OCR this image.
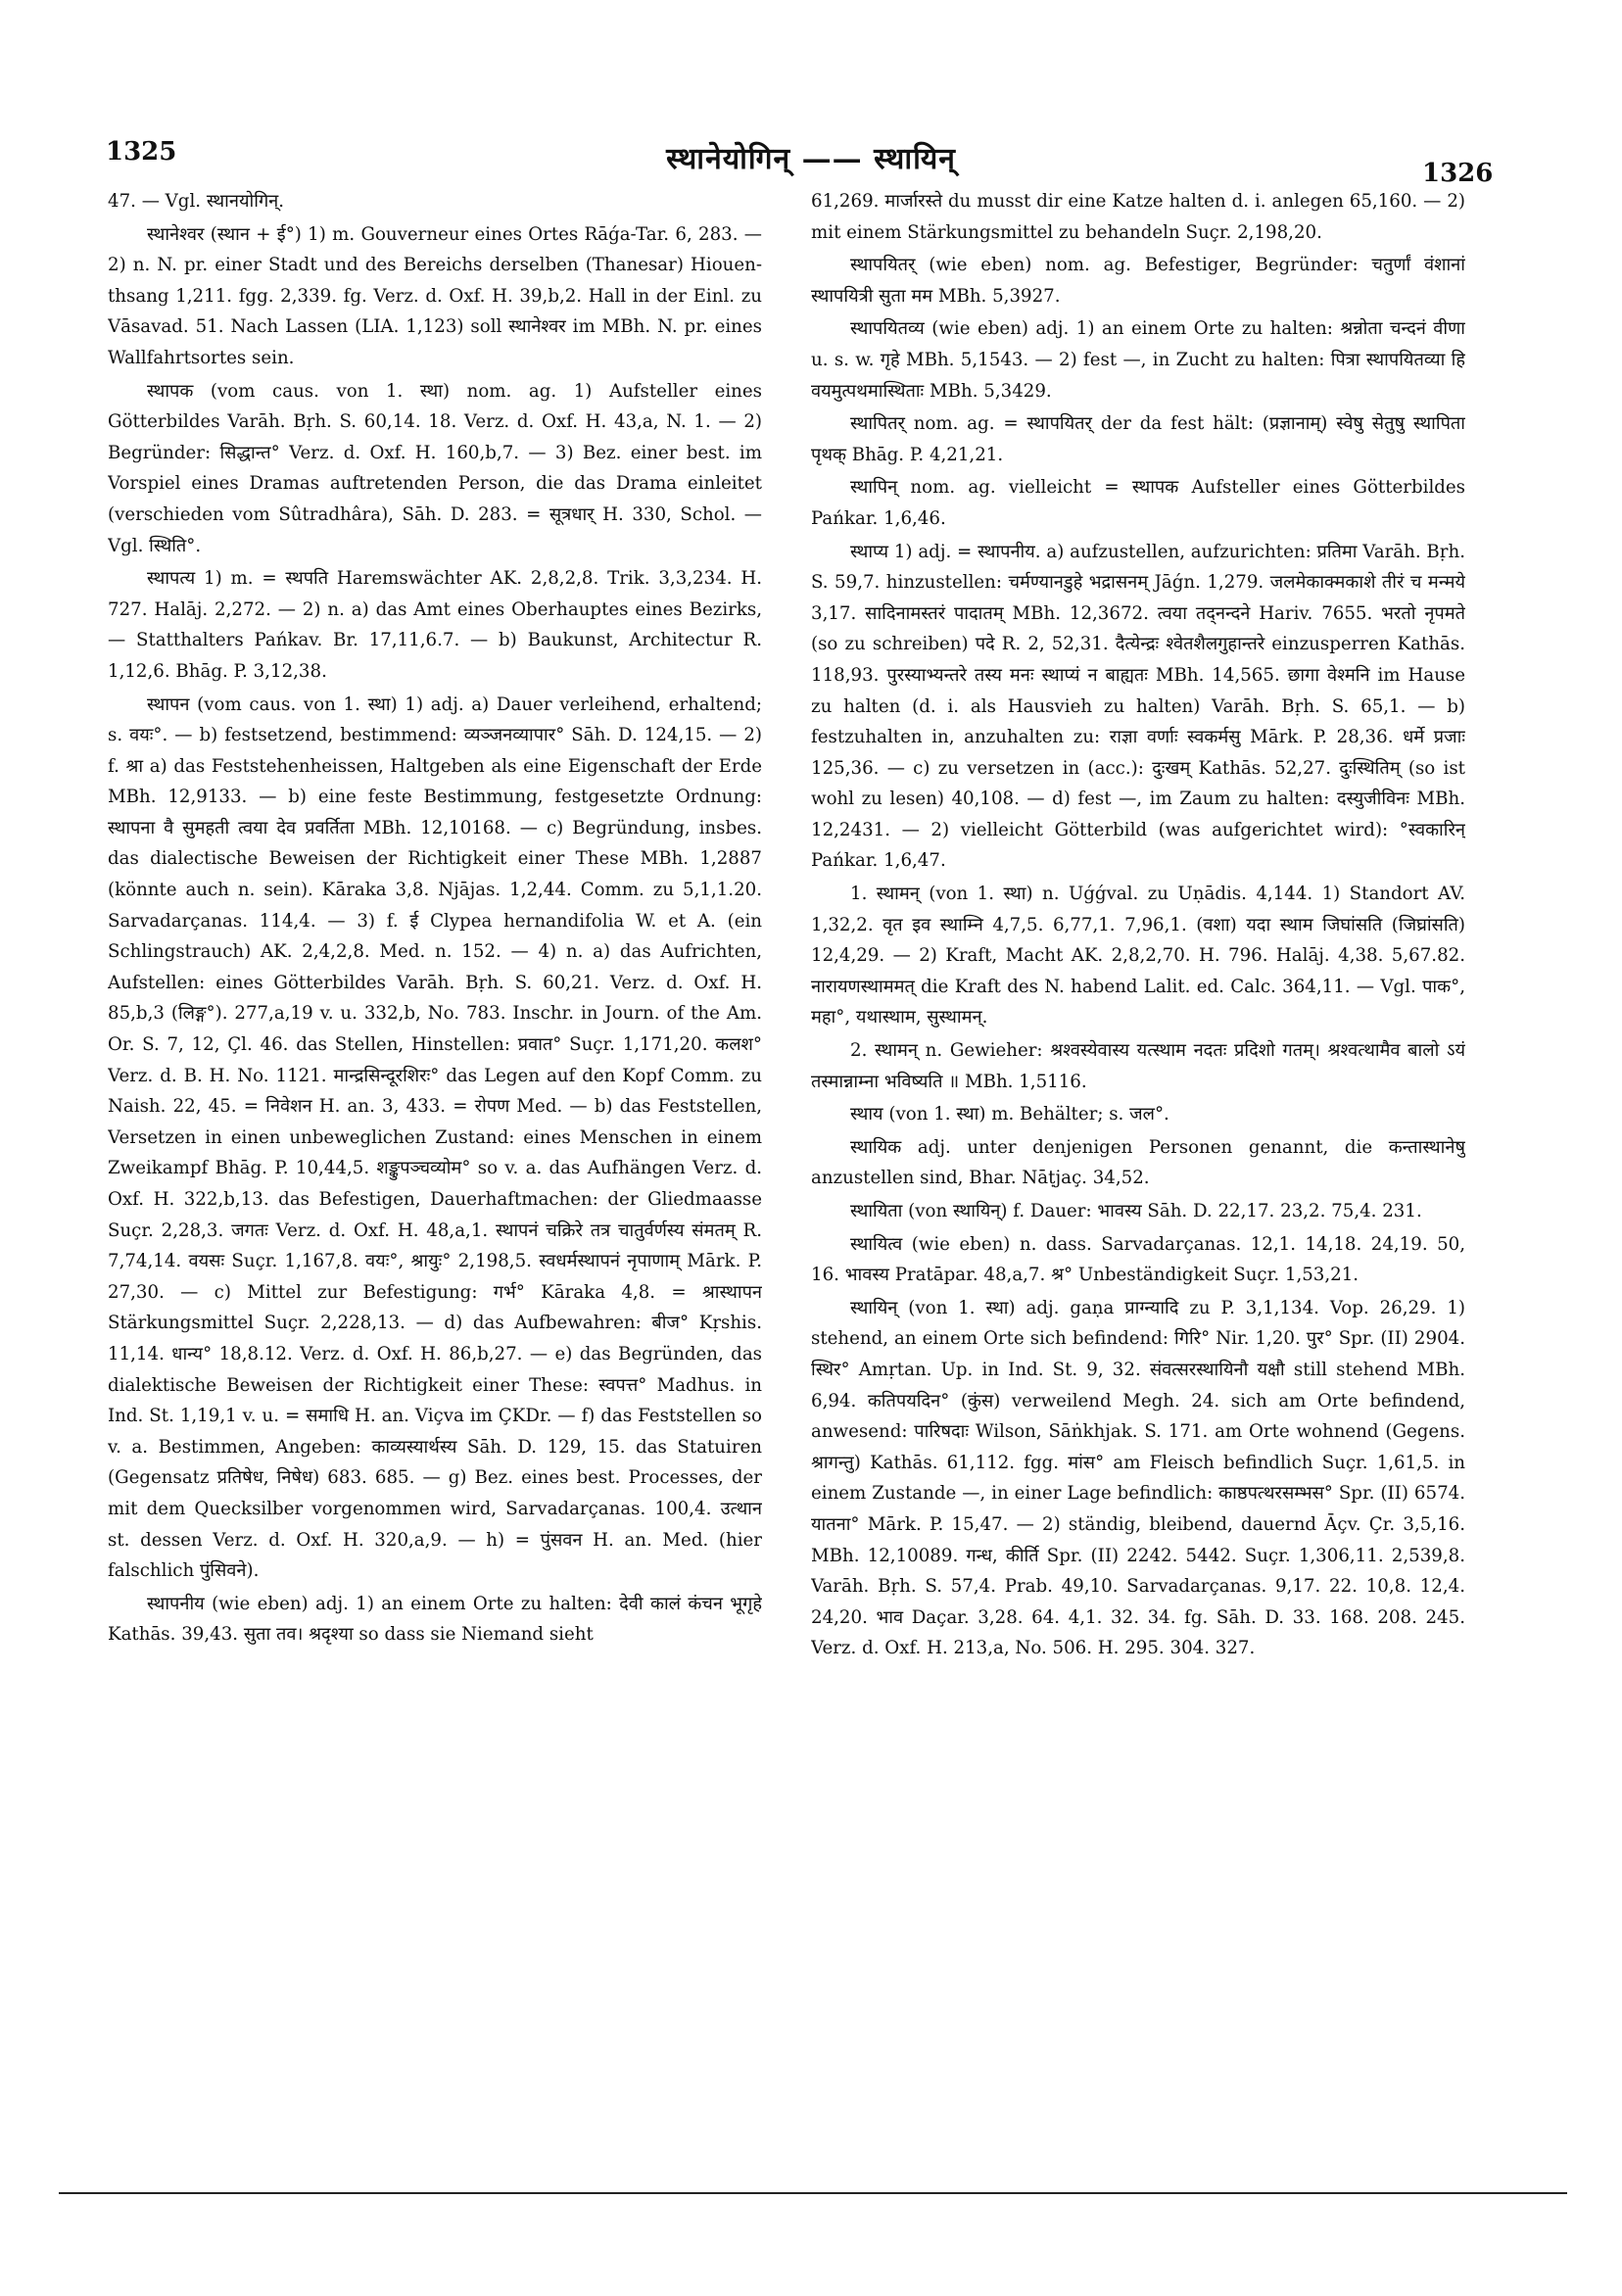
1325	स्थानेयोगिन् —— स्थायिन्	1326

47. — Vgl. स्थानयोगिन्.

स्थानेश्वर (स्थान + ई°) 1) m. Gouverneur eines Ortes Rāǵa-Tar. 6, 283. — 2) n. N. pr. einer Stadt und des Bereichs derselben (Thanesar) Hiouen-thsang 1,211. fgg. 2,339. fg. Verz. d. Oxf. H. 39,b,2. Hall in der Einl. zu Vāsavad. 51. Nach Lassen (LIA. 1,123) soll स्थानेश्वर im MBh. N. pr. eines Wallfahrtsortes sein.

स्थापक (vom caus. von 1. स्था) nom. ag. 1) Aufsteller eines Götterbildes Varāh. Bṛh. S. 60,14. 18. Verz. d. Oxf. H. 43,a, N. 1. — 2) Begründer: सिद्धान्त° Verz. d. Oxf. H. 160,b,7. — 3) Bez. einer best. im Vorspiel eines Dramas auftretenden Person, die das Drama einleitet (verschieden vom Sûtradhâra), Sāh. D. 283. = सूत्रधार् H. 330, Schol. — Vgl. स्थिति°.

स्थापत्य 1) m. = स्थपति Haremswächter AK. 2,8,2,8. Trik. 3,3,234. H. 727. Halāj. 2,272. — 2) n. a) das Amt eines Oberhauptes eines Bezirks, — Statthalters Pańkav. Br. 17,11,6.7. — b) Baukunst, Architectur R. 1,12,6. Bhāg. P. 3,12,38.

स्थापन (vom caus. von 1. स्था) 1) adj. a) Dauer verleihend, erhaltend; s. वयः°. — b) festsetzend, bestimmend: व्यञ्जनव्यापार° Sāh. D. 124,15. — 2) f. श्रा a) das Feststehenheissen, Haltgeben als eine Eigenschaft der Erde MBh. 12,9133. — b) eine feste Bestimmung, festgesetzte Ordnung: स्थापना वै सुमहती त्वया देव प्रवर्तिता MBh. 12,10168. — c) Begründung, insbes. das dialectische Beweisen der Richtigkeit einer These MBh. 1,2887 (könnte auch n. sein). Kāraka 3,8. Njājas. 1,2,44. Comm. zu 5,1,1.20. Sarvadarçanas. 114,4. — 3) f. ई Clypea hernandifolia W. et A. (ein Schlingstrauch) AK. 2,4,2,8. Med. n. 152. — 4) n. a) das Aufrichten, Aufstellen: eines Götterbildes Varāh. Bṛh. S. 60,21. Verz. d. Oxf. H. 85,b,3 (लिङ्ग°). 277,a,19 v. u. 332,b, No. 783. Inschr. in Journ. of the Am. Or. S. 7, 12, Çl. 46. das Stellen, Hinstellen: प्रवात° Suçr. 1,171,20. कलश° Verz. d. B. H. No. 1121. मान्द्रसिन्दूरशिरः° das Legen auf den Kopf Comm. zu Naish. 22, 45. = निवेशन H. an. 3, 433. = रोपण Med. — b) das Feststellen, Versetzen in einen unbeweglichen Zustand: eines Menschen in einem Zweikampf Bhāg. P. 10,44,5. शङ्कुपञ्चव्योम° so v. a. das Aufhängen Verz. d. Oxf. H. 322,b,13. das Befestigen, Dauerhaftmachen: der Gliedmaasse Suçr. 2,28,3. जगतः Verz. d. Oxf. H. 48,a,1. स्थापनं चक्रिरे तत्र चातुर्वर्णस्य संमतम् R. 7,74,14. वयसः Suçr. 1,167,8. वयः°, श्रायुः° 2,198,5. स्वधर्मस्थापनं नृपाणाम् Mārk. P. 27,30. — c) Mittel zur Befestigung: गर्भ° Kāraka 4,8. = श्रास्थापन Stärkungsmittel Suçr. 2,228,13. — d) das Aufbewahren: बीज° Kṛshis. 11,14. धान्य° 18,8.12. Verz. d. Oxf. H. 86,b,27. — e) das Begründen, das dialektische Beweisen der Richtigkeit einer These: स्वपत्त° Madhus. in Ind. St. 1,19,1 v. u. = समाधि H. an. Viçva im ÇKDr. — f) das Feststellen so v. a. Bestimmen, Angeben: काव्यस्यार्थस्य Sāh. D. 129, 15. das Statuiren (Gegensatz प्रतिषेध, निषेध) 683. 685. — g) Bez. eines best. Processes, der mit dem Quecksilber vorgenommen wird, Sarvadarçanas. 100,4. उत्थान st. dessen Verz. d. Oxf. H. 320,a,9. — h) = पुंसवन H. an. Med. (hier falschlich पुंसिवने).

स्थापनीय (wie eben) adj. 1) an einem Orte zu halten: देवी कालं कंचन भूगृहे Kathās. 39,43. सुता तव। श्रदृश्या so dass sie Niemand sieht

61,269. मार्जारस्ते du musst dir eine Katze halten d. i. anlegen 65,160. — 2) mit einem Stärkungsmittel zu behandeln Suçr. 2,198,20.

स्थापयितर् (wie eben) nom. ag. Befestiger, Begründer: चतुर्णां वंशानां स्थापयित्री सुता मम MBh. 5,3927.

स्थापयितव्य (wie eben) adj. 1) an einem Orte zu halten: श्रन्नोता चन्दनं वीणा u. s. w. गृहे MBh. 5,1543. — 2) fest —, in Zucht zu halten: पित्रा स्थापयितव्या हि वयमुत्पथमास्थिताः MBh. 5,3429.

स्थापितर् nom. ag. = स्थापयितर् der da fest hält: (प्रज्ञानाम्) स्वेषु सेतुषु स्थापिता पृथक् Bhāg. P. 4,21,21.

स्थापिन् nom. ag. vielleicht = स्थापक Aufsteller eines Götterbildes Pańkar. 1,6,46.

स्थाप्य 1) adj. = स्थापनीय. a) aufzustellen, aufzurichten: प्रतिमा Varāh. Bṛh. S. 59,7. hinzustellen: चर्मण्यानडुहे भद्रासनम् Jāǵn. 1,279. जलमेकाक्मकाशे तीरं च मन्मये 3,17. सादिनामस्तरं पादातम् MBh. 12,3672. त्वया तद्नन्दने Hariv. 7655. भरतो नृपमते (so zu schreiben) पदे R. 2, 52,31. दैत्येन्द्रः श्वेतशैलगुहान्तरे einzusperren Kathās. 118,93. पुरस्याभ्यन्तरे तस्य मनः स्थाप्यं न बाह्यतः MBh. 14,565. छागा वेश्मनि im Hause zu halten (d. i. als Hausvieh zu halten) Varāh. Bṛh. S. 65,1. — b) festzuhalten in, anzuhalten zu: राज्ञा वर्णाः स्वकर्मसु Mārk. P. 28,36. धर्मे प्रजाः 125,36. — c) zu versetzen in (acc.): दुःखम् Kathās. 52,27. दुःस्थितिम् (so ist wohl zu lesen) 40,108. — d) fest —, im Zaum zu halten: दस्युजीविनः MBh. 12,2431. — 2) vielleicht Götterbild (was aufgerichtet wird): °स्वकारिन् Pańkar. 1,6,47.

1. स्थामन् (von 1. स्था) n. Uǵǵval. zu Uṇādis. 4,144. 1) Standort AV. 1,32,2. वृत इव स्थाम्नि 4,7,5. 6,77,1. 7,96,1. (वशा) यदा स्थाम जिघांसति (जिघ्रांसति) 12,4,29. — 2) Kraft, Macht AK. 2,8,2,70. H. 796. Halāj. 4,38. 5,67.82. नारायणस्थाममत् die Kraft des N. habend Lalit. ed. Calc. 364,11. — Vgl. पाक°, महा°, यथास्थाम, सुस्थामन्.

2. स्थामन् n. Gewieher: श्रश्वस्येवास्य यत्स्थाम नदतः प्रदिशो गतम्। श्रश्वत्थामैव बालो ऽयं तस्मान्नाम्ना भविष्यति ॥ MBh. 1,5116.

स्थाय (von 1. स्था) m. Behälter; s. जल°.

स्थायिक adj. unter denjenigen Personen genannt, die कन्तास्थानेषु anzustellen sind, Bhar. Nāṭjaç. 34,52.

स्थायिता (von स्थायिन्) f. Dauer: भावस्य Sāh. D. 22,17. 23,2. 75,4. 231.

स्थायित्व (wie eben) n. dass. Sarvadarçanas. 12,1. 14,18. 24,19. 50, 16. भावस्य Pratāpar. 48,a,7. श्र° Unbeständigkeit Suçr. 1,53,21.

स्थायिन् (von 1. स्था) adj. gaṇa प्राग्न्यादि zu P. 3,1,134. Vop. 26,29. 1) stehend, an einem Orte sich befindend: गिरि° Nir. 1,20. पुर° Spr. (II) 2904. स्थिर° Amṛtan. Up. in Ind. St. 9, 32. संवत्सरस्थायिनौ यक्षौ still stehend MBh. 6,94. कतिपयदिन° (कुंस) verweilend Megh. 24. sich am Orte befindend, anwesend: पारिषदाः Wilson, Sāṅkhjak. S. 171. am Orte wohnend (Gegens. श्रागन्तु) Kathās. 61,112. fgg. मांस° am Fleisch befindlich Suçr. 1,61,5. in einem Zustande —, in einer Lage befindlich: काष्ठपत्थरसम्भस° Spr. (II) 6574. यातना° Mārk. P. 15,47. — 2) ständig, bleibend, dauernd Āçv. Çr. 3,5,16. MBh. 12,10089. गन्ध, कीर्ति Spr. (II) 2242. 5442. Suçr. 1,306,11. 2,539,8. Varāh. Bṛh. S. 57,4. Prab. 49,10. Sarvadarçanas. 9,17. 22. 10,8. 12,4. 24,20. भाव Daçar. 3,28. 64. 4,1. 32. 34. fg. Sāh. D. 33. 168. 208. 245. Verz. d. Oxf. H. 213,a, No. 506. H. 295. 304. 327.
